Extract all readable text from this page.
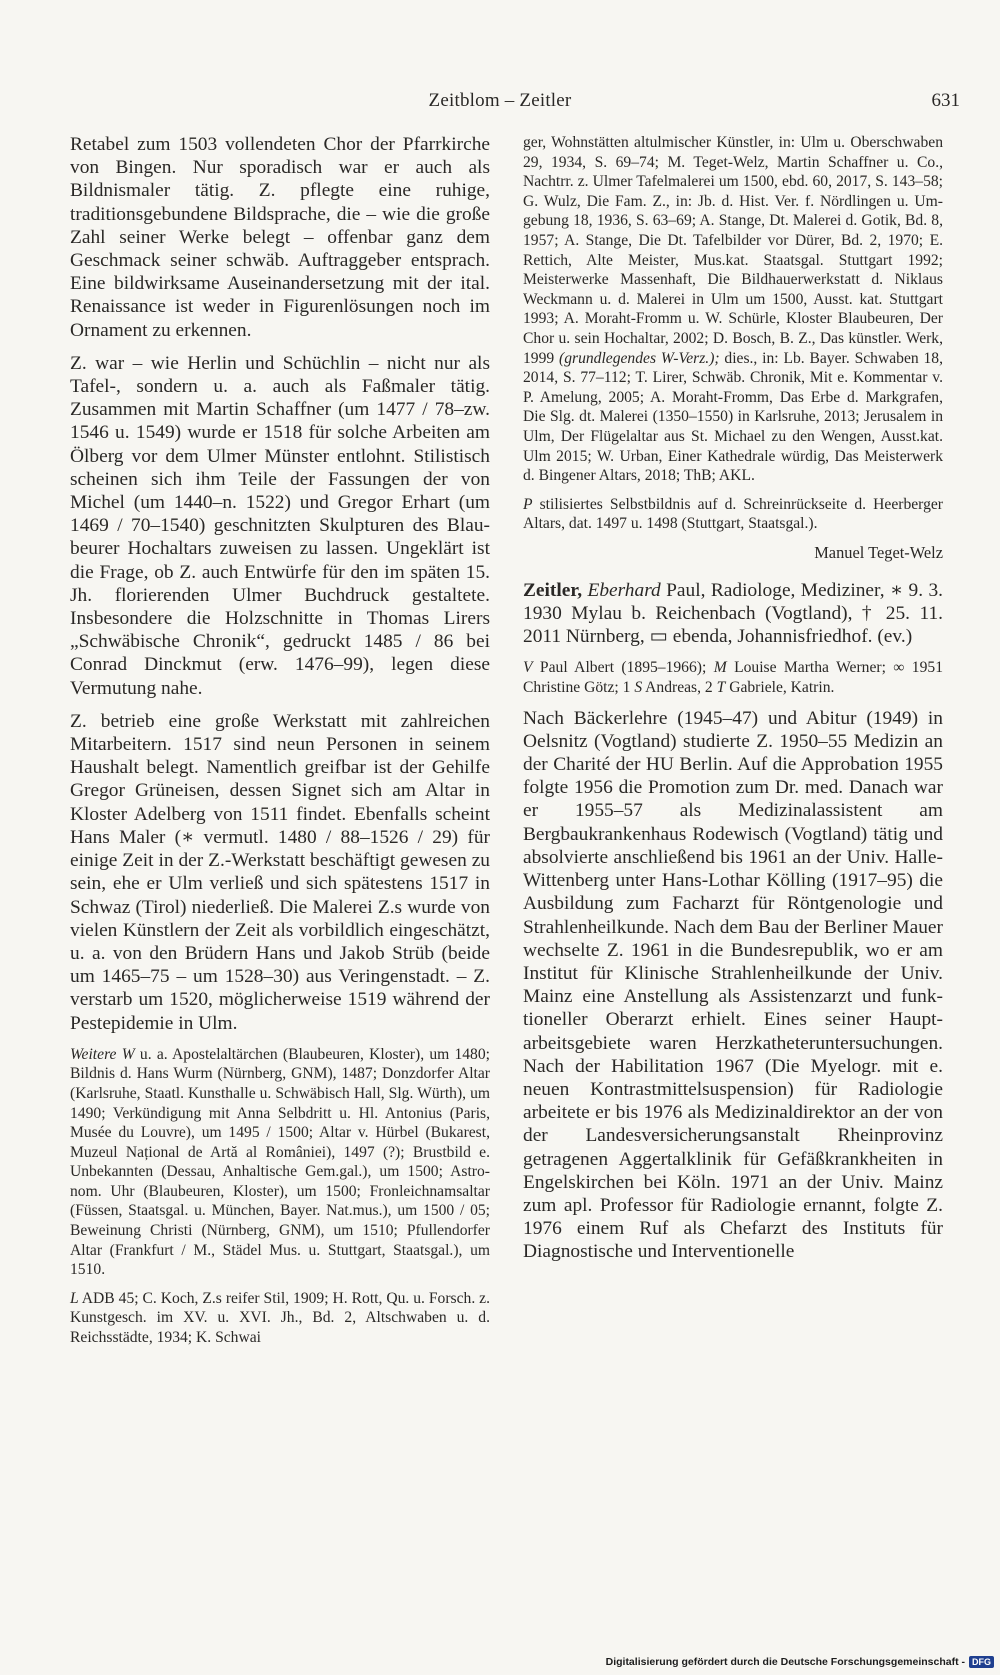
Zeitblom – Zeitler	631

Retabel zum 1503 vollendeten Chor der Pfarrkirche von Bingen. Nur sporadisch war er auch als Bildnismaler tätig. Z. pflegte eine ruhige, traditionsgebundene Bildsprache, die – wie die große Zahl seiner Werke belegt – offenbar ganz dem Geschmack seiner schwäb. Auftraggeber entsprach. Eine bildwirksame Auseinandersetzung mit der ital. Renaissance ist weder in Figurenlösungen noch im Ornament zu erkennen.

Z. war – wie Herlin und Schüchlin – nicht nur als Tafel-, sondern u. a. auch als Faßmaler tätig. Zusammen mit Martin Schaffner (um 1477 / 78–zw. 1546 u. 1549) wurde er 1518 für solche Arbeiten am Ölberg vor dem Ulmer Münster entlohnt. Stilistisch scheinen sich ihm Teile der Fassungen der von Michel (um 1440–n. 1522) und Gregor Erhart (um 1469 / 70–1540) geschnitzten Skulpturen des Blaubeurer Hochaltars zuweisen zu lassen. Ungeklärt ist die Frage, ob Z. auch Entwürfe für den im späten 15. Jh. florierenden Ulmer Buchdruck gestaltete. Insbesondere die Holzschnitte in Thomas Lirers „Schwäbische Chronik“, gedruckt 1485 / 86 bei Conrad Dinckmut (erw. 1476–99), legen diese Vermutung nahe.

Z. betrieb eine große Werkstatt mit zahlreichen Mitarbeitern. 1517 sind neun Personen in seinem Haushalt belegt. Namentlich greifbar ist der Gehilfe Gregor Grüneisen, dessen Signet sich am Altar in Kloster Adelberg von 1511 findet. Ebenfalls scheint Hans Maler (∗ vermutl. 1480 / 88–1526 / 29) für einige Zeit in der Z.-Werkstatt beschäftigt gewesen zu sein, ehe er Ulm verließ und sich spätestens 1517 in Schwaz (Tirol) niederließ. Die Malerei Z.s wurde von vielen Künstlern der Zeit als vorbildlich eingeschätzt, u. a. von den Brüdern Hans und Jakob Strüb (beide um 1465–75 – um 1528–30) aus Veringenstadt. – Z. verstarb um 1520, möglicherweise 1519 während der Pestepidemie in Ulm.

Weitere W u. a. Apostelaltärchen (Blaubeuren, Kloster), um 1480; Bildnis d. Hans Wurm (Nürnberg, GNM), 1487; Donzdorfer Altar (Karlsruhe, Staatl. Kunsthalle u. Schwäbisch Hall, Slg. Würth), um 1490; Verkündigung mit Anna Selbdritt u. Hl. Antonius (Paris, Musée du Louvre), um 1495 / 1500; Altar v. Hürbel (Bukarest, Muzeul Național de Artă al României), 1497 (?); Brustbild e. Unbekannten (Dessau, Anhaltische Gem.gal.), um 1500; Astronom. Uhr (Blaubeuren, Kloster), um 1500; Fronleichnamsaltar (Füssen, Staatsgal. u. München, Bayer. Nat.mus.), um 1500 / 05; Beweinung Christi (Nürnberg, GNM), um 1510; Pfullendorfer Altar (Frankfurt / M., Städel Mus. u. Stuttgart, Staatsgal.), um 1510.

L ADB 45; C. Koch, Z.s reifer Stil, 1909; H. Rott, Qu. u. Forsch. z. Kunstgesch. im XV. u. XVI. Jh., Bd. 2, Altschwaben u. d. Reichsstädte, 1934; K. Schwai

ger, Wohnstätten altulmischer Künstler, in: Ulm u. Oberschwaben 29, 1934, S. 69–74; M. Teget-Welz, Martin Schaffner u. Co., Nachtrr. z. Ulmer Tafelmalerei um 1500, ebd. 60, 2017, S. 143–58; G. Wulz, Die Fam. Z., in: Jb. d. Hist. Ver. f. Nördlingen u. Umgebung 18, 1936, S. 63–69; A. Stange, Dt. Malerei d. Gotik, Bd. 8, 1957; A. Stange, Die Dt. Tafelbilder vor Dürer, Bd. 2, 1970; E. Rettich, Alte Meister, Mus.kat. Staatsgal. Stuttgart 1992; Meisterwerke Massenhaft, Die Bildhauerwerkstatt d. Niklaus Weckmann u. d. Malerei in Ulm um 1500, Ausst. kat. Stuttgart 1993; A. Moraht-Fromm u. W. Schürle, Kloster Blaubeuren, Der Chor u. sein Hochaltar, 2002; D. Bosch, B. Z., Das künstler. Werk, 1999 (grundlegendes W-Verz.); dies., in: Lb. Bayer. Schwaben 18, 2014, S. 77–112; T. Lirer, Schwäb. Chronik, Mit e. Kommentar v. P. Amelung, 2005; A. Moraht-Fromm, Das Erbe d. Markgrafen, Die Slg. dt. Malerei (1350–1550) in Karlsruhe, 2013; Jerusalem in Ulm, Der Flügelaltar aus St. Michael zu den Wengen, Ausst.kat. Ulm 2015; W. Urban, Einer Kathedrale würdig, Das Meisterwerk d. Bingener Altars, 2018; ThB; AKL.

P stilisiertes Selbstbildnis auf d. Schreinrückseite d. Heerberger Altars, dat. 1497 u. 1498 (Stuttgart, Staatsgal.).

Manuel Teget-Welz

Zeitler, Eberhard Paul, Radiologe, Mediziner, ∗ 9. 3. 1930 Mylau b. Reichenbach (Vogtland), † 25. 11. 2011 Nürnberg, ▭ ebenda, Johannisfriedhof. (ev.)

V Paul Albert (1895–1966); M Louise Martha Werner; ∞ 1951 Christine Götz; 1 S Andreas, 2 T Gabriele, Katrin.

Nach Bäckerlehre (1945–47) und Abitur (1949) in Oelsnitz (Vogtland) studierte Z. 1950–55 Medizin an der Charité der HU Berlin. Auf die Approbation 1955 folgte 1956 die Promotion zum Dr. med. Danach war er 1955–57 als Medizinalassistent am Bergbaukrankenhaus Rodewisch (Vogtland) tätig und absolvierte anschließend bis 1961 an der Univ. Halle-Wittenberg unter Hans-Lothar Kölling (1917–95) die Ausbildung zum Facharzt für Röntgenologie und Strahlenheilkunde. Nach dem Bau der Berliner Mauer wechselte Z. 1961 in die Bundesrepublik, wo er am Institut für Klinische Strahlenheilkunde der Univ. Mainz eine Anstellung als Assistenzarzt und funktioneller Oberarzt erhielt. Eines seiner Hauptarbeitsgebiete waren Herzkatheteruntersuchungen. Nach der Habilitation 1967 (Die Myelogr. mit e. neuen Kontrastmittelsuspension) für Radiologie arbeitete er bis 1976 als Medizinaldirektor an der von der Landesversicherungsanstalt Rheinprovinz getragenen Aggertalklinik für Gefäßkrankheiten in Engelskirchen bei Köln. 1971 an der Univ. Mainz zum apl. Professor für Radiologie ernannt, folgte Z. 1976 einem Ruf als Chefarzt des Instituts für Diagnostische und Interventionelle

Digitalisierung gefördert durch die Deutsche Forschungsgemeinschaft - DFG
